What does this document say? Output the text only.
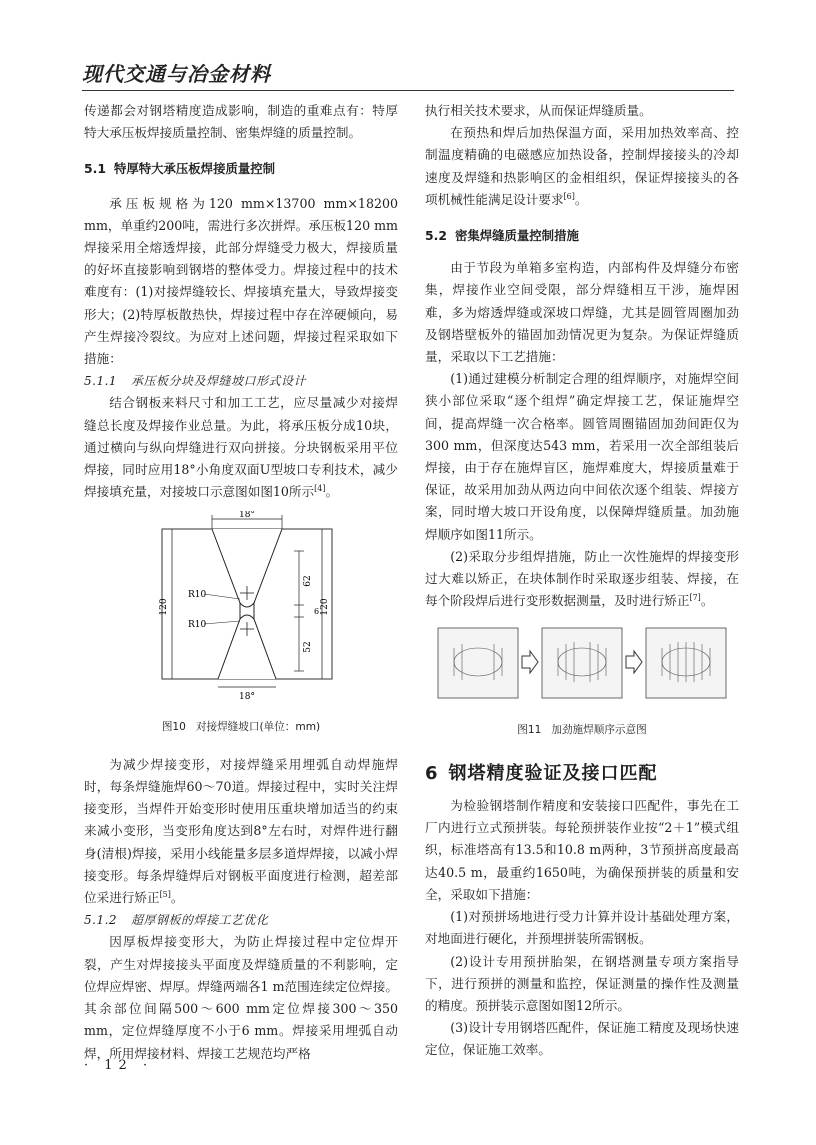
现代交通与冶金材料

传递都会对钢塔精度造成影响，制造的重难点有：特厚特大承压板焊接质量控制、密集焊缝的质量控制。

5.1 特厚特大承压板焊接质量控制

承压板规格为120 mm×13700 mm×18200 mm，单重约200吨，需进行多次拼焊。承压板120 mm焊接采用全熔透焊接，此部分焊缝受力极大，焊接质量的好坏直接影响到钢塔的整体受力。焊接过程中的技术难度有：(1)对接焊缝较长、焊接填充量大，导致焊接变形大；(2)特厚板散热快，焊接过程中存在淬硬倾向，易产生焊接冷裂纹。为应对上述问题，焊接过程采取如下措施：

5.1.1 承压板分块及焊缝坡口形式设计

结合钢板来料尺寸和加工工艺，应尽量减少对接焊缝总长度及焊接作业总量。为此，将承压板分成10块，通过横向与纵向焊缝进行双向拼接。分块钢板采用平位焊接，同时应用18°小角度双面U型坡口专利技术，减少焊接填充量，对接坡口示意图如图10所示[4]。

18°
18°
R10
R10
62
6
52
120	120
图10 对接焊缝坡口(单位：mm)

为减少焊接变形，对接焊缝采用埋弧自动焊施焊时，每条焊缝施焊60～70道。焊接过程中，实时关注焊接变形，当焊件开始变形时使用压重块增加适当的约束来减小变形，当变形角度达到8°左右时，对焊件进行翻身(清根)焊接，采用小线能量多层多道焊焊接，以减小焊接变形。每条焊缝焊后对钢板平面度进行检测，超差部位采进行矫正[5]。

5.1.2 超厚钢板的焊接工艺优化

因厚板焊接变形大，为防止焊接过程中定位焊开裂，产生对焊接接头平面度及焊缝质量的不利影响，定位焊应焊密、焊厚。焊缝两端各1 m范围连续定位焊接。其余部位间隔500～600 mm定位焊接300～350 mm，定位焊缝厚度不小于6 mm。焊接采用埋弧自动焊，所用焊接材料、焊接工艺规范均严格

执行相关技术要求，从而保证焊缝质量。

在预热和焊后加热保温方面，采用加热效率高、控制温度精确的电磁感应加热设备，控制焊接接头的冷却速度及焊缝和热影响区的金相组织，保证焊接接头的各项机械性能满足设计要求[6]。

5.2 密集焊缝质量控制措施

由于节段为单箱多室构造，内部构件及焊缝分布密集，焊接作业空间受限，部分焊缝相互干涉，施焊困难，多为熔透焊缝或深坡口焊缝，尤其是圆管周圈加劲及钢塔壁板外的锚固加劲情况更为复杂。为保证焊缝质量，采取以下工艺措施：

(1)通过建模分析制定合理的组焊顺序，对施焊空间狭小部位采取“逐个组焊”确定焊接工艺，保证施焊空间，提高焊缝一次合格率。圆管周圈锚固加劲间距仅为300 mm，但深度达543 mm，若采用一次全部组装后焊接，由于存在施焊盲区，施焊难度大，焊接质量难于保证，故采用加劲从两边向中间依次逐个组装、焊接方案，同时增大坡口开设角度，以保障焊缝质量。加劲施焊顺序如图11所示。

(2)采取分步组焊措施，防止一次性施焊的焊接变形过大难以矫正，在块体制作时采取逐步组装、焊接，在每个阶段焊后进行变形数据测量，及时进行矫正[7]。

图11 加劲施焊顺序示意图
6 钢塔精度验证及接口匹配

为检验钢塔制作精度和安装接口匹配件，事先在工厂内进行立式预拼装。每轮预拼装作业按“2＋1”模式组织，标准塔高有13.5和10.8 m两种，3节预拼高度最高达40.5 m，最重约1650吨，为确保预拼装的质量和安全，采取如下措施：

(1)对预拼场地进行受力计算并设计基础处理方案，对地面进行硬化，并预埋拼装所需钢板。

(2)设计专用预拼胎架，在钢塔测量专项方案指导下，进行预拼的测量和监控，保证测量的操作性及测量的精度。预拼装示意图如图12所示。

(3)设计专用钢塔匹配件，保证施工精度及现场快速定位，保证施工效率。

· 12 ·
